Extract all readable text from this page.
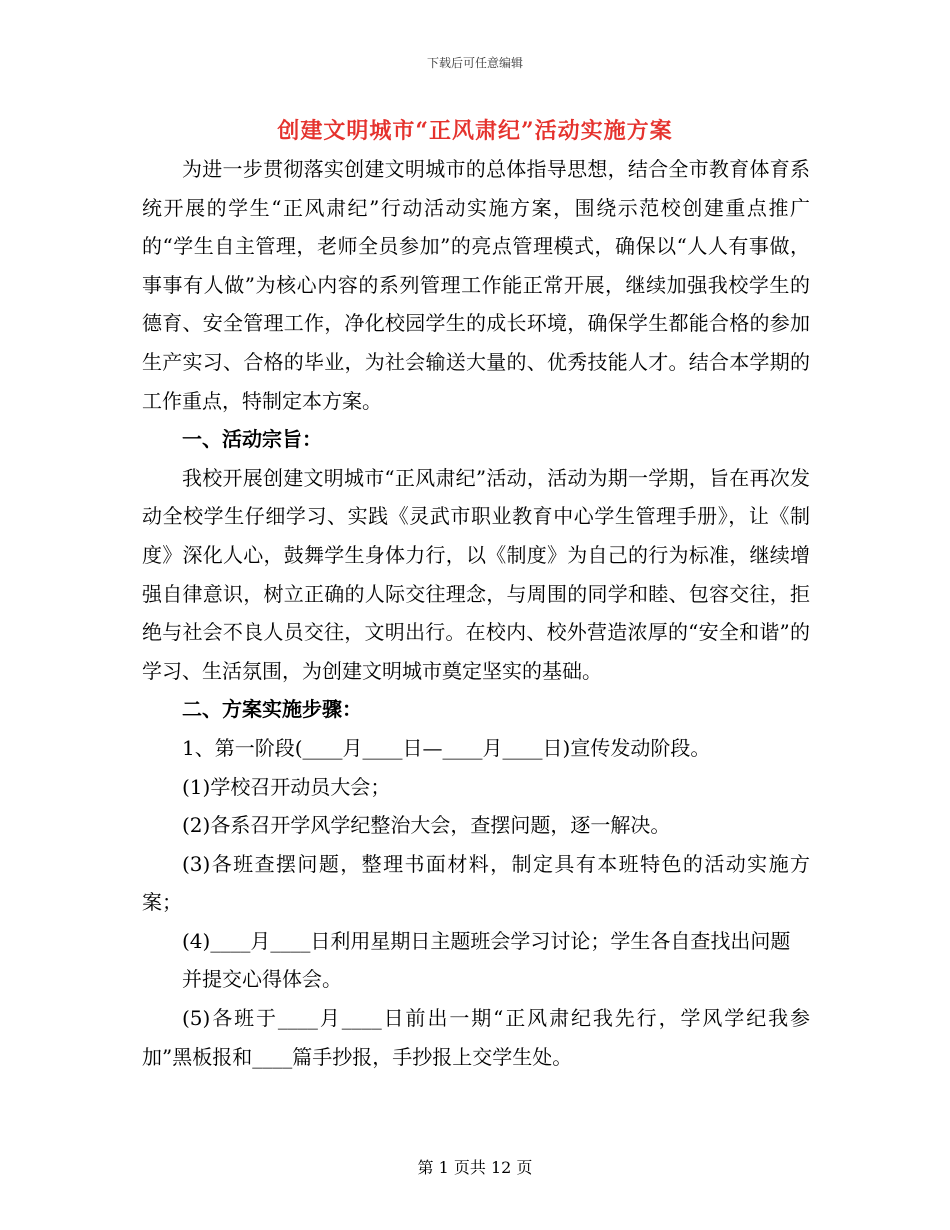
下载后可任意编辑
创建文明城市“正风肃纪”活动实施方案

为进一步贯彻落实创建文明城市的总体指导思想，结合全市教育体育系统开展的学生“正风肃纪”行动活动实施方案，围绕示范校创建重点推广的“学生自主管理，老师全员参加”的亮点管理模式，确保以“人人有事做，事事有人做”为核心内容的系列管理工作能正常开展，继续加强我校学生的德育、安全管理工作，净化校园学生的成长环境，确保学生都能合格的参加生产实习、合格的毕业，为社会输送大量的、优秀技能人才。结合本学期的工作重点，特制定本方案。

一、活动宗旨：

我校开展创建文明城市“正风肃纪”活动，活动为期一学期，旨在再次发动全校学生仔细学习、实践《灵武市职业教育中心学生管理手册》，让《制度》深化人心，鼓舞学生身体力行，以《制度》为自己的行为标准，继续增强自律意识，树立正确的人际交往理念，与周围的同学和睦、包容交往，拒绝与社会不良人员交往，文明出行。在校内、校外营造浓厚的“安全和谐”的学习、生活氛围，为创建文明城市奠定坚实的基础。

二、方案实施步骤：

1、第一阶段(____月____日—____月____日)宣传发动阶段。

(1)学校召开动员大会；

(2)各系召开学风学纪整治大会，查摆问题，逐一解决。

(3)各班查摆问题，整理书面材料，制定具有本班特色的活动实施方案；

(4)____月____日利用星期日主题班会学习讨论；学生各自查找出问题

并提交心得体会。

(5)各班于____月____日前出一期“正风肃纪我先行，学风学纪我参加”黑板报和____篇手抄报，手抄报上交学生处。

第 1 页共 12 页
